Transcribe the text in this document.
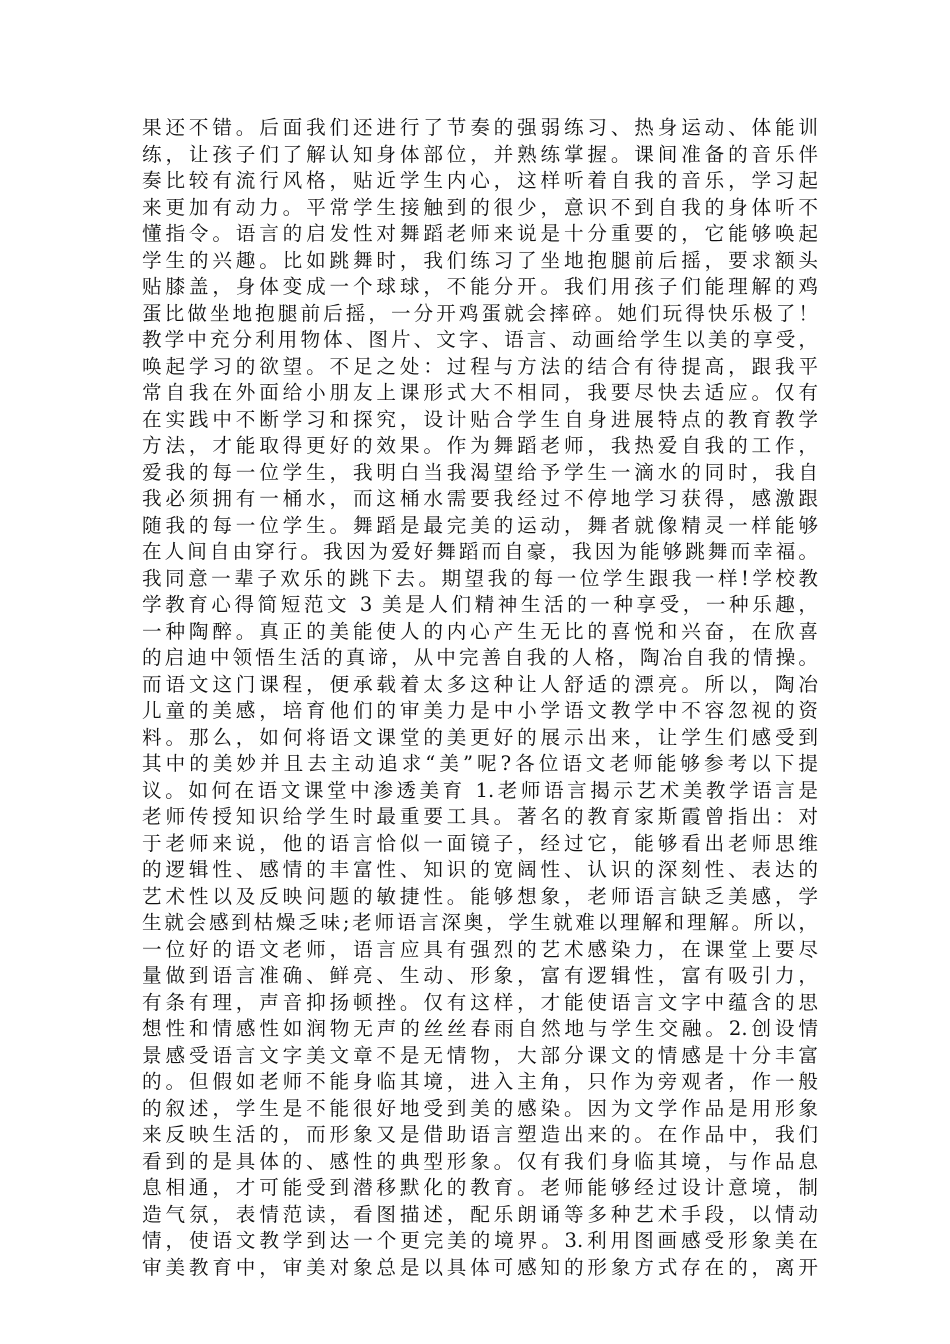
果还不错。后面我们还进行了节奏的强弱练习、热身运动、体能训
练，让孩子们了解认知身体部位，并熟练掌握。课间准备的音乐伴
奏比较有流行风格，贴近学生内心，这样听着自我的音乐，学习起
来更加有动力。平常学生接触到的很少，意识不到自我的身体听不
懂指令。语言的启发性对舞蹈老师来说是十分重要的，它能够唤起
学生的兴趣。比如跳舞时，我们练习了坐地抱腿前后摇，要求额头
贴膝盖，身体变成一个球球，不能分开。我们用孩子们能理解的鸡
蛋比做坐地抱腿前后摇，一分开鸡蛋就会摔碎。她们玩得快乐极了！
教学中充分利用物体、图片、文字、语言、动画给学生以美的享受，
唤起学习的欲望。不足之处：过程与方法的结合有待提高，跟我平
常自我在外面给小朋友上课形式大不相同，我要尽快去适应。仅有
在实践中不断学习和探究，设计贴合学生自身进展特点的教育教学
方法，才能取得更好的效果。作为舞蹈老师，我热爱自我的工作，
爱我的每一位学生，我明白当我渴望给予学生一滴水的同时，我自
我必须拥有一桶水，而这桶水需要我经过不停地学习获得，感激跟
随我的每一位学生。舞蹈是最完美的运动，舞者就像精灵一样能够
在人间自由穿行。我因为爱好舞蹈而自豪，我因为能够跳舞而幸福。
我同意一辈子欢乐的跳下去。期望我的每一位学生跟我一样!学校教
学教育心得简短范文 3 美是人们精神生活的一种享受，一种乐趣，
一种陶醉。真正的美能使人的内心产生无比的喜悦和兴奋，在欣喜
的启迪中领悟生活的真谛，从中完善自我的人格，陶冶自我的情操。
而语文这门课程，便承载着太多这种让人舒适的漂亮。所以，陶冶
儿童的美感，培育他们的审美力是中小学语文教学中不容忽视的资
料。那么，如何将语文课堂的美更好的展示出来，让学生们感受到
其中的美妙并且去主动追求“美”呢?各位语文老师能够参考以下提
议。如何在语文课堂中渗透美育 1.老师语言揭示艺术美教学语言是
老师传授知识给学生时最重要工具。著名的教育家斯霞曾指出：对
于老师来说，他的语言恰似一面镜子，经过它，能够看出老师思维
的逻辑性、感情的丰富性、知识的宽阔性、认识的深刻性、表达的
艺术性以及反映问题的敏捷性。能够想象，老师语言缺乏美感，学
生就会感到枯燥乏味;老师语言深奥，学生就难以理解和理解。所以，
一位好的语文老师，语言应具有强烈的艺术感染力，在课堂上要尽
量做到语言准确、鲜亮、生动、形象，富有逻辑性，富有吸引力，
有条有理，声音抑扬顿挫。仅有这样，才能使语言文字中蕴含的思
想性和情感性如润物无声的丝丝春雨自然地与学生交融。2.创设情
景感受语言文字美文章不是无情物，大部分课文的情感是十分丰富
的。但假如老师不能身临其境，进入主角，只作为旁观者，作一般
的叙述，学生是不能很好地受到美的感染。因为文学作品是用形象
来反映生活的，而形象又是借助语言塑造出来的。在作品中，我们
看到的是具体的、感性的典型形象。仅有我们身临其境，与作品息
息相通，才可能受到潜移默化的教育。老师能够经过设计意境，制
造气氛，表情范读，看图描述，配乐朗诵等多种艺术手段，以情动
情，使语文教学到达一个更完美的境界。3.利用图画感受形象美在
审美教育中，审美对象总是以具体可感知的形象方式存在的，离开
